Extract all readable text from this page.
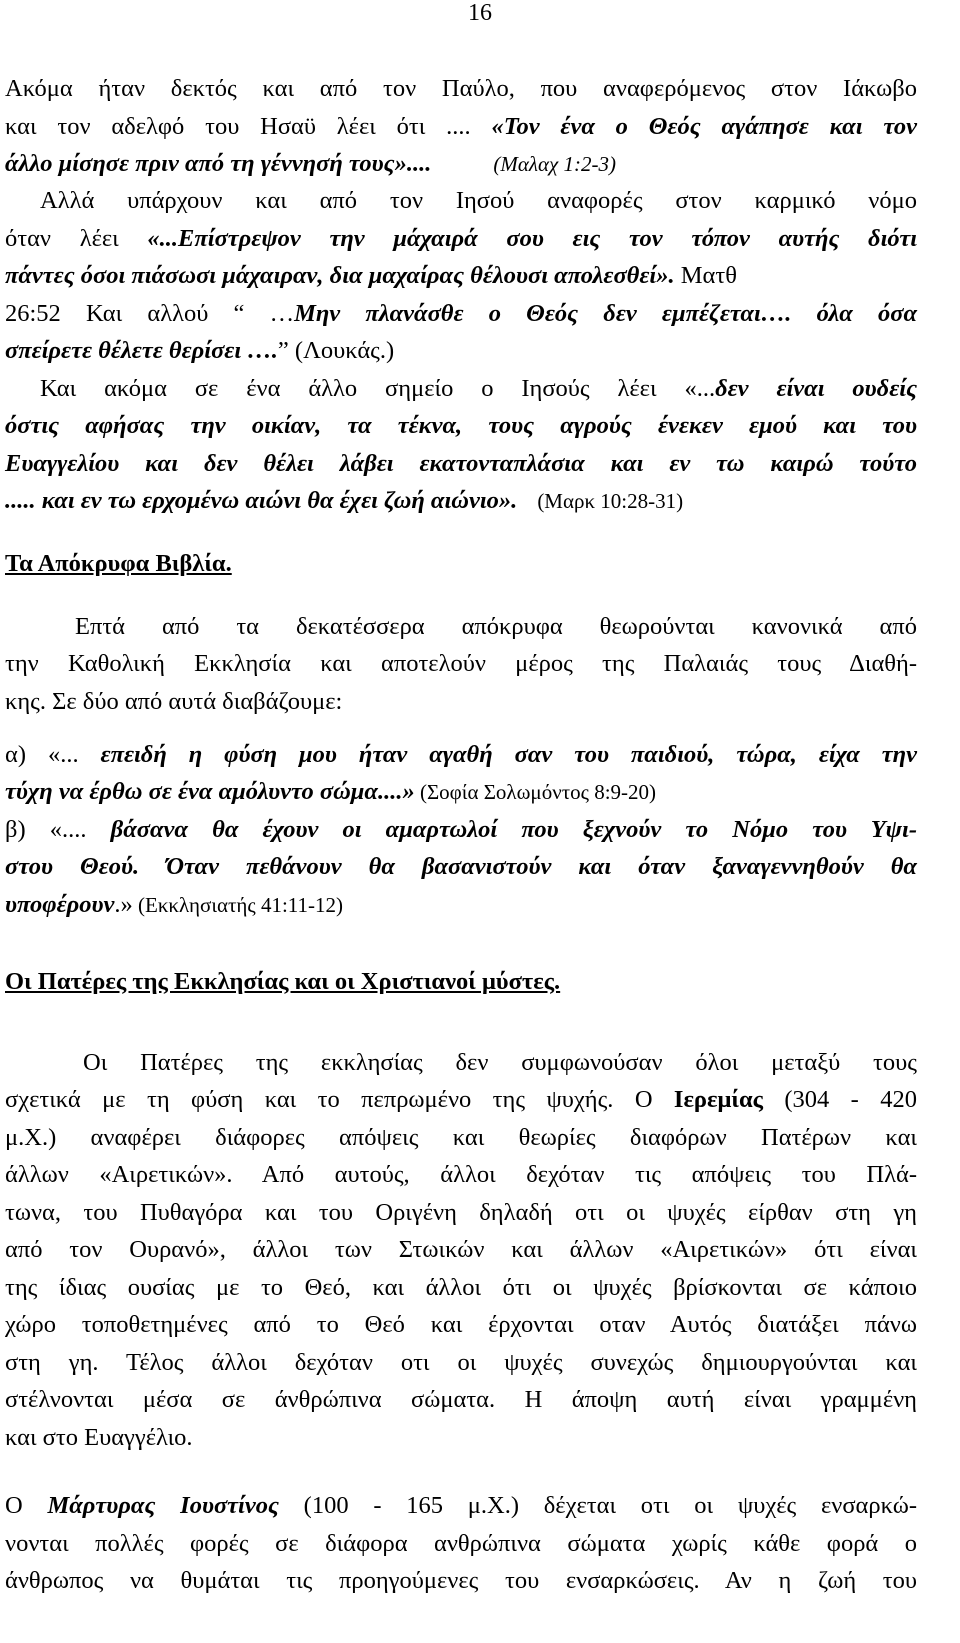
16
Ακόμα ήταν δεκτός και από τον Παύλο, που αναφερόμενος στον Ιάκωβο
και τον αδελφό του Ησαϋ λέει ότι .... «Τον ένα ο Θεός αγάπησε και τον
άλλο μίσησε πριν από τη γέννησή τους»....	(Μαλαχ 1:2-3)
Αλλά υπάρχουν και από τον Ιησού αναφορές στον καρμικό νόμο
όταν λέει «...Επίστρεψον την μάχαιρά σου εις τον τόπον αυτής διότι
πάντες όσοι πιάσωσι μάχαιραν, δια μαχαίρας θέλουσι απολεσθεί». Ματθ
26:52 Και αλλού “ …Μην πλανάσθε ο Θεός δεν εμπέζεται…. όλα όσα
σπείρετε θέλετε θερίσει ….” (Λουκάς.)
Και ακόμα σε ένα άλλο σημείο ο Ιησούς λέει «...δεν είναι ουδείς
όστις αφήσας την οικίαν, τα τέκνα, τους αγρούς ένεκεν εμού και του
Ευαγγελίου και δεν θέλει λάβει εκατονταπλάσια και εν τω καιρώ τούτο
..... και εν τω ερχομένω αιώνι θα έχει ζωή αιώνιο». (Μαρκ 10:28-31)
Τα Απόκρυφα Βιβλία.
Επτά από τα δεκατέσσερα απόκρυφα θεωρούνται κανονικά από
την Καθολική Εκκλησία και αποτελούν μέρος της Παλαιάς τους Διαθή-
κης. Σε δύο από αυτά διαβάζουμε:
α) «... επειδή η φύση μου ήταν αγαθή σαν του παιδιού, τώρα, είχα την
τύχη να έρθω σε ένα αμόλυντο σώμα....» (Σοφία Σολωμόντος 8:9-20)
β) «.... βάσανα θα έχουν οι αμαρτωλοί που ξεχνούν το Νόμο του Υψι-
στου Θεού. Όταν πεθάνουν θα βασανιστούν και όταν ξαναγεννηθούν θα
υποφέρουν.» (Εκκλησιατής 41:11-12)
Οι Πατέρες της Εκκλησίας και οι Χριστιανοί μύστες.
Οι Πατέρες της εκκλησίας δεν συμφωνούσαν όλοι μεταξύ τους
σχετικά με τη φύση και το πεπρωμένο της ψυχής. Ο Ιερεμίας (304 - 420
μ.Χ.) αναφέρει διάφορες απόψεις και θεωρίες διαφόρων Πατέρων και
άλλων «Αιρετικών». Από αυτούς, άλλοι δεχόταν τις απόψεις του Πλά-
τωνα, του Πυθαγόρα και του Οριγένη δηλαδή οτι οι ψυχές είρθαν στη γη
από τον Ουρανό», άλλοι των Στωικών και άλλων «Αιρετικών» ότι είναι
της ίδιας ουσίας με το Θεό, και άλλοι ότι οι ψυχές βρίσκονται σε κάποιο
χώρο τοποθετημένες από το Θεό και έρχονται οταν Αυτός διατάξει πάνω
στη γη. Τέλος άλλοι δεχόταν οτι οι ψυχές συνεχώς δημιουργούνται και
στέλνονται μέσα σε άνθρώπινα σώματα. Η άποψη αυτή είναι γραμμένη
και στο Ευαγγέλιο.
Ο Μάρτυρας Ιουστίνος (100 - 165 μ.Χ.) δέχεται οτι οι ψυχές ενσαρκώ-
νονται πολλές φορές σε διάφορα ανθρώπινα σώματα χωρίς κάθε φορά ο
άνθρωπος να θυμάται τις προηγούμενες του ενσαρκώσεις. Αν η ζωή του
